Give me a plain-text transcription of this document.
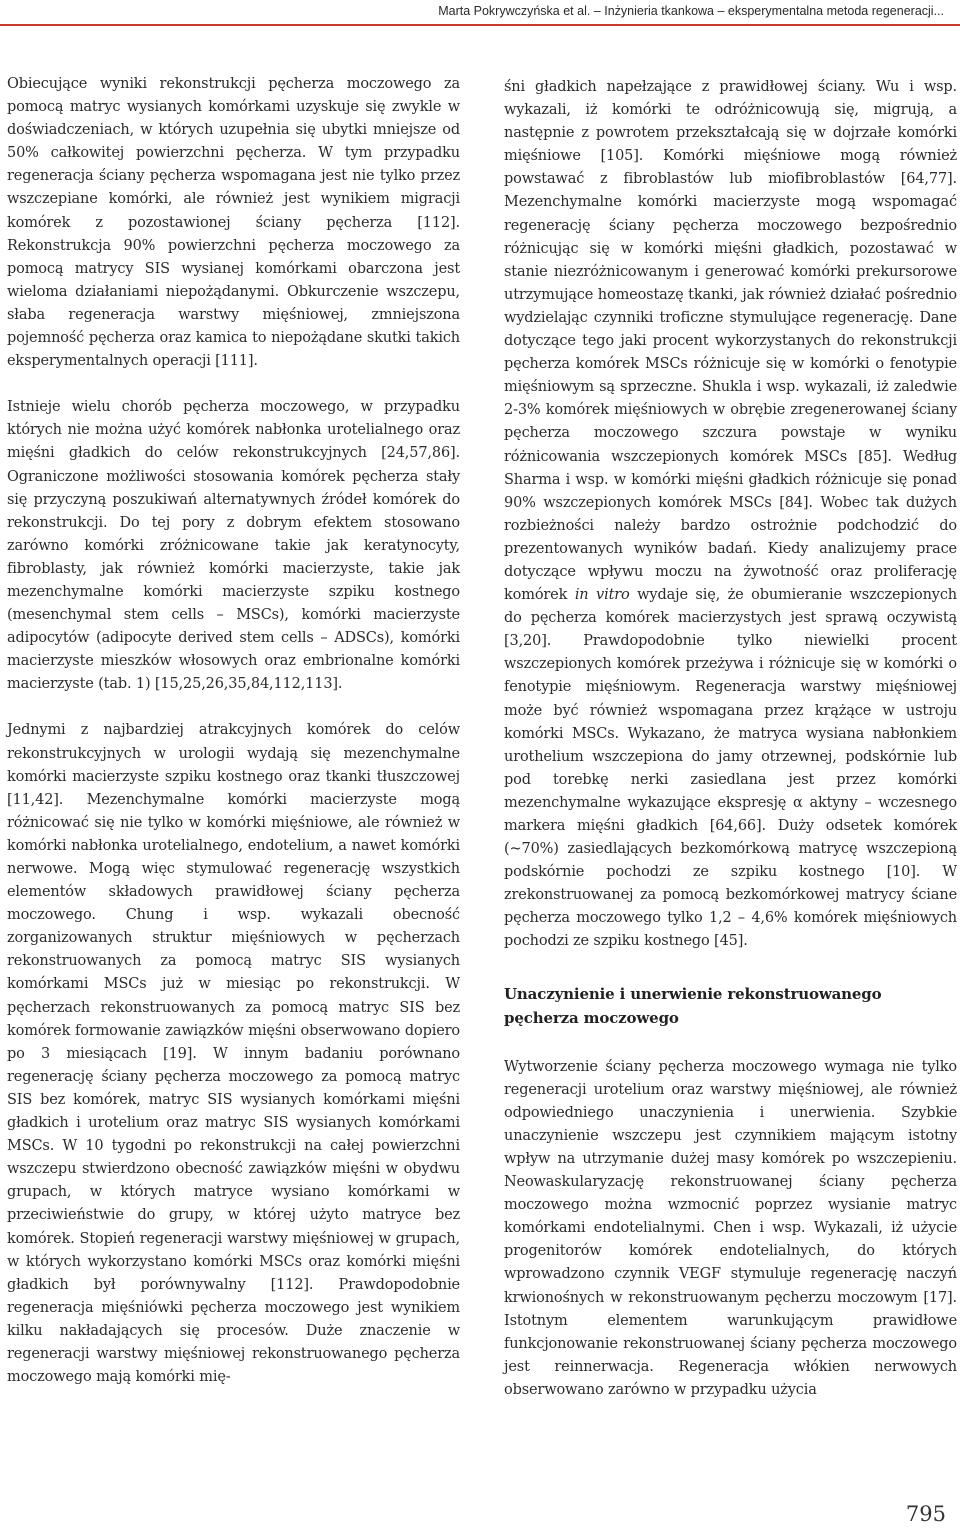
Marta Pokrywczyńska et al. – Inżynieria tkankowa – eksperymentalna metoda regeneracji...

Obiecujące wyniki rekonstrukcji pęcherza moczowego za pomocą matryc wysianych komórkami uzyskuje się zwykle w doświadczeniach, w których uzupełnia się ubytki mniejsze od 50% całkowitej powierzchni pęcherza. W tym przypadku regeneracja ściany pęcherza wspomagana jest nie tylko przez wszczepiane komórki, ale również jest wynikiem migracji komórek z pozostawionej ściany pęcherza [112]. Rekonstrukcja 90% powierzchni pęcherza moczowego za pomocą matrycy SIS wysianej komórkami obarczona jest wieloma działaniami niepożądanymi. Obkurczenie wszczepu, słaba regeneracja warstwy mięśniowej, zmniejszona pojemność pęcherza oraz kamica to niepożądane skutki takich eksperymentalnych operacji [111].

Istnieje wielu chorób pęcherza moczowego, w przypadku których nie można użyć komórek nabłonka urotelialnego oraz mięśni gładkich do celów rekonstrukcyjnych [24,57,86]. Ograniczone możliwości stosowania komórek pęcherza stały się przyczyną poszukiwań alternatywnych źródeł komórek do rekonstrukcji. Do tej pory z dobrym efektem stosowano zarówno komórki zróżnicowane takie jak keratynocyty, fibroblasty, jak również komórki macierzyste, takie jak mezenchymalne komórki macierzyste szpiku kostnego (mesenchymal stem cells – MSCs), komórki macierzyste adipocytów (adipocyte derived stem cells – ADSCs), komórki macierzyste mieszków włosowych oraz embrionalne komórki macierzyste (tab. 1) [15,25,26,35,84,112,113].

Jednymi z najbardziej atrakcyjnych komórek do celów rekonstrukcyjnych w urologii wydają się mezenchymalne komórki macierzyste szpiku kostnego oraz tkanki tłuszczowej [11,42]. Mezenchymalne komórki macierzyste mogą różnicować się nie tylko w komórki mięśniowe, ale również w komórki nabłonka urotelialnego, endotelium, a nawet komórki nerwowe. Mogą więc stymulować regenerację wszystkich elementów składowych prawidłowej ściany pęcherza moczowego. Chung i wsp. wykazali obecność zorganizowanych struktur mięśniowych w pęcherzach rekonstruowanych za pomocą matryc SIS wysianych komórkami MSCs już w miesiąc po rekonstrukcji. W pęcherzach rekonstruowanych za pomocą matryc SIS bez komórek formowanie zawiązków mięśni obserwowano dopiero po 3 miesiącach [19]. W innym badaniu porównano regenerację ściany pęcherza moczowego za pomocą matryc SIS bez komórek, matryc SIS wysianych komórkami mięśni gładkich i urotelium oraz matryc SIS wysianych komórkami MSCs. W 10 tygodni po rekonstrukcji na całej powierzchni wszczepu stwierdzono obecność zawiązków mięśni w obydwu grupach, w których matryce wysiano komórkami w przeciwieństwie do grupy, w której użyto matryce bez komórek. Stopień regeneracji warstwy mięśniowej w grupach, w których wykorzystano komórki MSCs oraz komórki mięśni gładkich był porównywalny [112]. Prawdopodobnie regeneracja mięśniówki pęcherza moczowego jest wynikiem kilku nakładających się procesów. Duże znaczenie w regeneracji warstwy mięśniowej rekonstruowanego pęcherza moczowego mają komórki mię-

śni gładkich napełzające z prawidłowej ściany. Wu i wsp. wykazali, iż komórki te odróżnicowują się, migrują, a następnie z powrotem przekształcają się w dojrzałe komórki mięśniowe [105]. Komórki mięśniowe mogą również powstawać z fibroblastów lub miofibroblastów [64,77]. Mezenchymalne komórki macierzyste mogą wspomagać regenerację ściany pęcherza moczowego bezpośrednio różnicując się w komórki mięśni gładkich, pozostawać w stanie niezróżnicowanym i generować komórki prekursorowe utrzymujące homeostazę tkanki, jak również działać pośrednio wydzielając czynniki troficzne stymulujące regenerację. Dane dotyczące tego jaki procent wykorzystanych do rekonstrukcji pęcherza komórek MSCs różnicuje się w komórki o fenotypie mięśniowym są sprzeczne. Shukla i wsp. wykazali, iż zaledwie 2-3% komórek mięśniowych w obrębie zregenerowanej ściany pęcherza moczowego szczura powstaje w wyniku różnicowania wszczepionych komórek MSCs [85]. Według Sharma i wsp. w komórki mięśni gładkich różnicuje się ponad 90% wszczepionych komórek MSCs [84]. Wobec tak dużych rozbieżności należy bardzo ostrożnie podchodzić do prezentowanych wyników badań. Kiedy analizujemy prace dotyczące wpływu moczu na żywotność oraz proliferację komórek in vitro wydaje się, że obumieranie wszczepionych do pęcherza komórek macierzystych jest sprawą oczywistą [3,20]. Prawdopodobnie tylko niewielki procent wszczepionych komórek przeżywa i różnicuje się w komórki o fenotypie mięśniowym. Regeneracja warstwy mięśniowej może być również wspomagana przez krążące w ustroju komórki MSCs. Wykazano, że matryca wysiana nabłonkiem urothelium wszczepiona do jamy otrzewnej, podskórnie lub pod torebkę nerki zasiedlana jest przez komórki mezenchymalne wykazujące ekspresję α aktyny – wczesnego markera mięśni gładkich [64,66]. Duży odsetek komórek (~70%) zasiedlających bezkomórkową matrycę wszczepioną podskórnie pochodzi ze szpiku kostnego [10]. W zrekonstruowanej za pomocą bezkomórkowej matrycy ściane pęcherza moczowego tylko 1,2 – 4,6% komórek mięśniowych pochodzi ze szpiku kostnego [45].

Unaczynienie i unerwienie rekonstruowanego pęcherza moczowego

Wytworzenie ściany pęcherza moczowego wymaga nie tylko regeneracji urotelium oraz warstwy mięśniowej, ale również odpowiedniego unaczynienia i unerwienia. Szybkie unaczynienie wszczepu jest czynnikiem mającym istotny wpływ na utrzymanie dużej masy komórek po wszczepieniu. Neowaskularyzację rekonstruowanej ściany pęcherza moczowego można wzmocnić poprzez wysianie matryc komórkami endotelialnymi. Chen i wsp. Wykazali, iż użycie progenitorów komórek endotelialnych, do których wprowadzono czynnik VEGF stymuluje regenerację naczyń krwionośnych w rekonstruowanym pęcherzu moczowym [17]. Istotnym elementem warunkującym prawidłowe funkcjonowanie rekonstruowanej ściany pęcherza moczowego jest reinnerwacja. Regeneracja włókien nerwowych obserwowano zarówno w przypadku użycia

795
